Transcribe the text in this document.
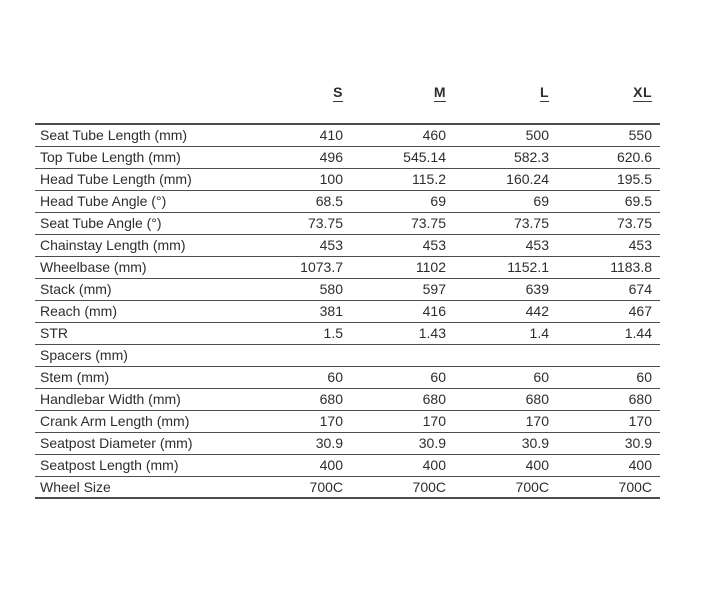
	S	M	L	XL
Seat Tube Length (mm)	410	460	500	550
Top Tube Length (mm)	496	545.14	582.3	620.6
Head Tube Length (mm)	100	115.2	160.24	195.5
Head Tube Angle (°)	68.5	69	69	69.5
Seat Tube Angle (°)	73.75	73.75	73.75	73.75
Chainstay Length (mm)	453	453	453	453
Wheelbase (mm)	1073.7	1102	1152.1	1183.8
Stack (mm)	580	597	639	674
Reach (mm)	381	416	442	467
STR	1.5	1.43	1.4	1.44
Spacers (mm)				
Stem (mm)	60	60	60	60
Handlebar Width (mm)	680	680	680	680
Crank Arm Length (mm)	170	170	170	170
Seatpost Diameter (mm)	30.9	30.9	30.9	30.9
Seatpost Length (mm)	400	400	400	400
Wheel Size	700C	700C	700C	700C
